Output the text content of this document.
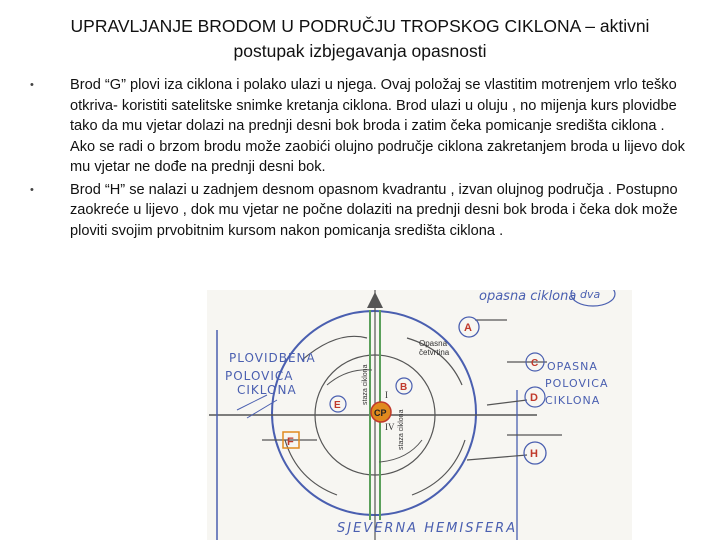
UPRAVLJANJE BRODOM U PODRUČJU TROPSKOG CIKLONA – aktivni postupak izbjegavanja opasnosti
• Brod “G” plovi iza ciklona i polako ulazi u njega. Ovaj položaj se vlastitim motrenjem vrlo teško otkriva- koristiti satelitske snimke kretanja ciklona. Brod ulazi u oluju , no mijenja kurs plovidbe tako da mu vjetar dolazi na prednji desni bok broda i zatim čeka pomicanje središta ciklona . Ako se radi o brzom brodu može zaobići olujno područje ciklona zakretanjem broda u lijevo dok mu vjetar ne dođe na prednji desni bok.
• Brod “H” se nalazi u zadnjem desnom opasnom kvadrantu , izvan olujnog područja . Postupno zaokreće u lijevo , dok mu vjetar ne počne dolaziti na prednji desni bok broda i čeka dok može ploviti svojim prvobitnim kursom nakon pomicanja središta ciklona .
opasna ciklona dva
PLOVIDBENA
POLOVICA
CIKLONA
OPASNA
POLOVICA
CIKLONA
Opasna
četvrtina
staza ciklona
staza ciklona
I
IV
CP
A
B
C
D
E
F
H
SJEVERNA HEMISFERA
